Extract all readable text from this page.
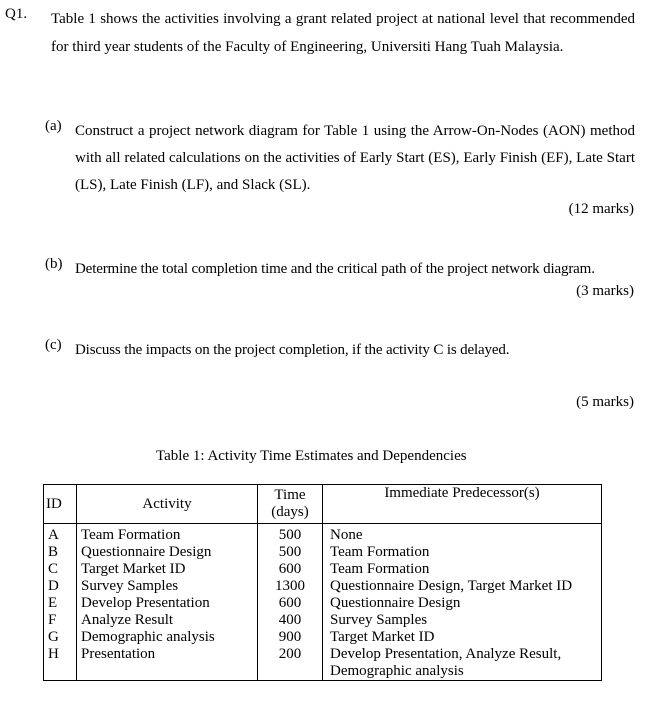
Q1. Table 1 shows the activities involving a grant related project at national level that recommended for third year students of the Faculty of Engineering, Universiti Hang Tuah Malaysia.
(a) Construct a project network diagram for Table 1 using the Arrow-On-Nodes (AON) method with all related calculations on the activities of Early Start (ES), Early Finish (EF), Late Start (LS), Late Finish (LF), and Slack (SL).
(12 marks)
(b) Determine the total completion time and the critical path of the project network diagram.
(3 marks)
(c) Discuss the impacts on the project completion, if the activity C is delayed.
(5 marks)
Table 1: Activity Time Estimates and Dependencies
ID	Activity	Time (days)	Immediate Predecessor(s)
A	Team Formation	500	None
B	Questionnaire Design	500	Team Formation
C	Target Market ID	600	Team Formation
D	Survey Samples	1300	Questionnaire Design, Target Market ID
E	Develop Presentation	600	Questionnaire Design
F	Analyze Result	400	Survey Samples
G	Demographic analysis	900	Target Market ID
H	Presentation	200	Develop Presentation, Analyze Result, Demographic analysis
